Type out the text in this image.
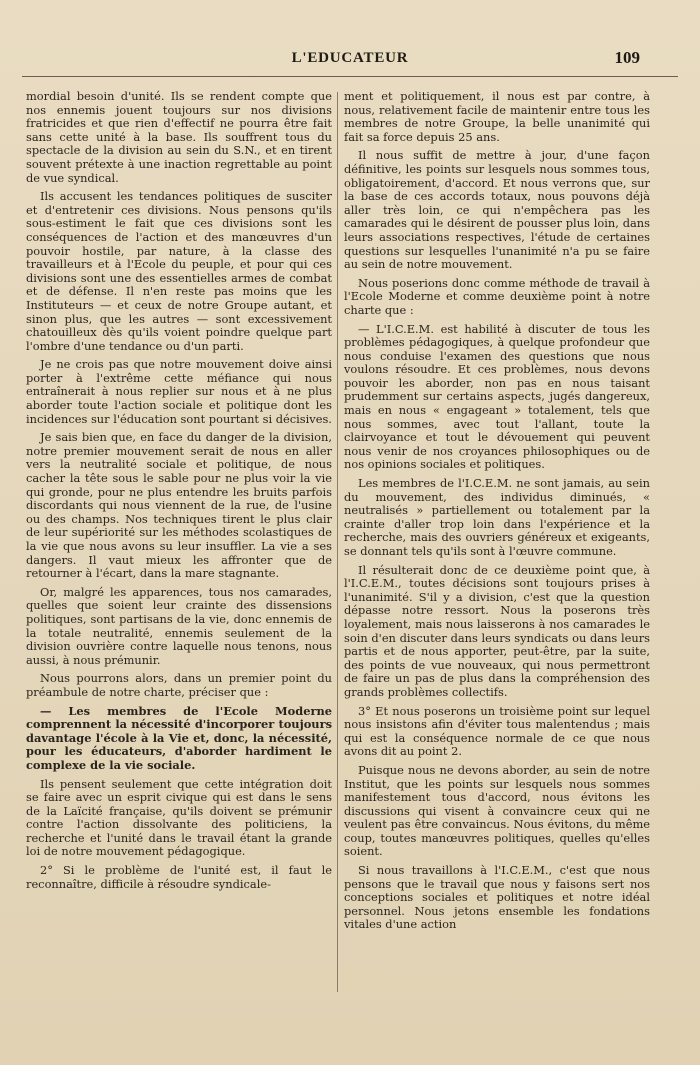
L'EDUCATEUR	109

mordial besoin d'unité. Ils se rendent compte que nos ennemis jouent toujours sur nos divisions fratricides et que rien d'effectif ne pourra être fait sans cette unité à la base. Ils souffrent tous du spectacle de la division au sein du S.N., et en tirent souvent prétexte à une inaction regrettable au point de vue syndical.

Ils accusent les tendances politiques de susciter et d'entretenir ces divisions. Nous pensons qu'ils sous-estiment le fait que ces divisions sont les conséquences de l'action et des manœuvres d'un pouvoir hostile, par nature, à la classe des travailleurs et à l'Ecole du peuple, et pour qui ces divisions sont une des essentielles armes de combat et de défense. Il n'en reste pas moins que les Instituteurs — et ceux de notre Groupe autant, et sinon plus, que les autres — sont excessivement chatouilleux dès qu'ils voient poindre quelque part l'ombre d'une tendance ou d'un parti.

Je ne crois pas que notre mouvement doive ainsi porter à l'extrême cette méfiance qui nous entraînerait à nous replier sur nous et à ne plus aborder toute l'action sociale et politique dont les incidences sur l'éducation sont pourtant si décisives.

Je sais bien que, en face du danger de la division, notre premier mouvement serait de nous en aller vers la neutralité sociale et politique, de nous cacher la tête sous le sable pour ne plus voir la vie qui gronde, pour ne plus entendre les bruits parfois discordants qui nous viennent de la rue, de l'usine ou des champs. Nos techniques tirent le plus clair de leur supériorité sur les méthodes scolastiques de la vie que nous avons su leur insuffler. La vie a ses dangers. Il vaut mieux les affronter que de retourner à l'écart, dans la mare stagnante.

Or, malgré les apparences, tous nos camarades, quelles que soient leur crainte des dissensions politiques, sont partisans de la vie, donc ennemis de la totale neutralité, ennemis seulement de la division ouvrière contre laquelle nous tenons, nous aussi, à nous prémunir.

Nous pourrons alors, dans un premier point du préambule de notre charte, préciser que :

— Les membres de l'Ecole Moderne comprennent la nécessité d'incorporer toujours davantage l'école à la Vie et, donc, la nécessité, pour les éducateurs, d'aborder hardiment le complexe de la vie sociale.

Ils pensent seulement que cette intégration doit se faire avec un esprit civique qui est dans le sens de la Laïcité française, qu'ils doivent se prémunir contre l'action dissolvante des politiciens, la recherche et l'unité dans le travail étant la grande loi de notre mouvement pédagogique.

2° Si le problème de l'unité est, il faut le reconnaître, difficile à résoudre syndicale-

ment et politiquement, il nous est par contre, à nous, relativement facile de maintenir entre tous les membres de notre Groupe, la belle unanimité qui fait sa force depuis 25 ans.

Il nous suffit de mettre à jour, d'une façon définitive, les points sur lesquels nous sommes tous, obligatoirement, d'accord. Et nous verrons que, sur la base de ces accords totaux, nous pouvons déjà aller très loin, ce qui n'empêchera pas les camarades qui le désirent de pousser plus loin, dans leurs associations respectives, l'étude de certaines questions sur lesquelles l'unanimité n'a pu se faire au sein de notre mouvement.

Nous poserions donc comme méthode de travail à l'Ecole Moderne et comme deuxième point à notre charte que :

— L'I.C.E.M. est habilité à discuter de tous les problèmes pédagogiques, à quelque profondeur que nous conduise l'examen des questions que nous voulons résoudre. Et ces problèmes, nous devons pouvoir les aborder, non pas en nous taisant prudemment sur certains aspects, jugés dangereux, mais en nous « engageant » totalement, tels que nous sommes, avec tout l'allant, toute la clairvoyance et tout le dévouement qui peuvent nous venir de nos croyances philosophiques ou de nos opinions sociales et politiques.

Les membres de l'I.C.E.M. ne sont jamais, au sein du mouvement, des individus diminués, « neutralisés » partiellement ou totalement par la crainte d'aller trop loin dans l'expérience et la recherche, mais des ouvriers généreux et exigeants, se donnant tels qu'ils sont à l'œuvre commune.

Il résulterait donc de ce deuxième point que, à l'I.C.E.M., toutes décisions sont toujours prises à l'unanimité. S'il y a division, c'est que la question dépasse notre ressort. Nous la poserons très loyalement, mais nous laisserons à nos camarades le soin d'en discuter dans leurs syndicats ou dans leurs partis et de nous apporter, peut-être, par la suite, des points de vue nouveaux, qui nous permettront de faire un pas de plus dans la compréhension des grands problèmes collectifs.

3° Et nous poserons un troisième point sur lequel nous insistons afin d'éviter tous malentendus ; mais qui est la conséquence normale de ce que nous avons dit au point 2.

Puisque nous ne devons aborder, au sein de notre Institut, que les points sur lesquels nous sommes manifestement tous d'accord, nous évitons les discussions qui visent à convaincre ceux qui ne veulent pas être convaincus. Nous évitons, du même coup, toutes manœuvres politiques, quelles qu'elles soient.

Si nous travaillons à l'I.C.E.M., c'est que nous pensons que le travail que nous y faisons sert nos conceptions sociales et politiques et notre idéal personnel. Nous jetons ensemble les fondations vitales d'une action
